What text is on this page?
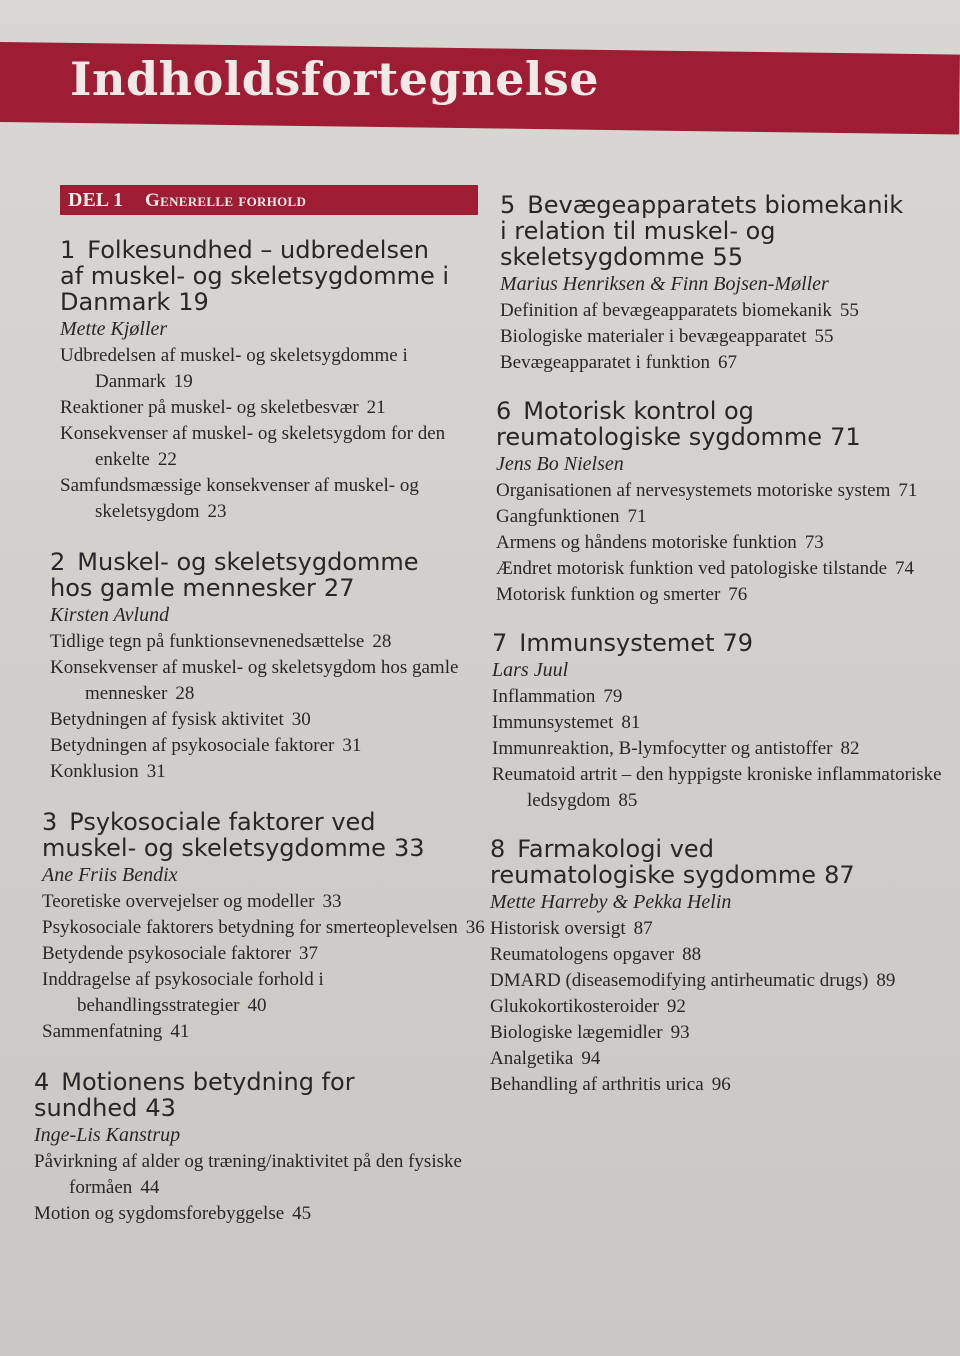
Indholdsfortegnelse
DEL 1 Generelle forhold
1 Folkesundhed – udbredelsen af muskel- og skeletsygdomme i Danmark 19
Mette Kjøller
Udbredelsen af muskel- og skeletsygdomme i Danmark 19
Reaktioner på muskel- og skeletbesvær 21
Konsekvenser af muskel- og skeletsygdom for den enkelte 22
Samfundsmæssige konsekvenser af muskel- og skeletsygdom 23
2 Muskel- og skeletsygdomme hos gamle mennesker 27
Kirsten Avlund
Tidlige tegn på funktionsevnenedsættelse 28
Konsekvenser af muskel- og skeletsygdom hos gamle mennesker 28
Betydningen af fysisk aktivitet 30
Betydningen af psykosociale faktorer 31
Konklusion 31
3 Psykosociale faktorer ved muskel- og skeletsygdomme 33
Ane Friis Bendix
Teoretiske overvejelser og modeller 33
Psykosociale faktorers betydning for smerteoplevelsen 36
Betydende psykosociale faktorer 37
Inddragelse af psykosociale forhold i behandlingsstrategier 40
Sammenfatning 41
4 Motionens betydning for sundhed 43
Inge-Lis Kanstrup
Påvirkning af alder og træning/inaktivitet på den fysiske formåen 44
Motion og sygdomsforebyggelse 45
5 Bevægeapparatets biomekanik i relation til muskel- og skeletsygdomme 55
Marius Henriksen & Finn Bojsen-Møller
Definition af bevægeapparatets biomekanik 55
Biologiske materialer i bevægeapparatet 55
Bevægeapparatet i funktion 67
6 Motorisk kontrol og reumatologiske sygdomme 71
Jens Bo Nielsen
Organisationen af nervesystemets motoriske system 71
Gangfunktionen 71
Armens og håndens motoriske funktion 73
Ændret motorisk funktion ved patologiske tilstande 74
Motorisk funktion og smerter 76
7 Immunsystemet 79
Lars Juul
Inflammation 79
Immunsystemet 81
Immunreaktion, B-lymfocytter og antistoffer 82
Reumatoid artrit – den hyppigste kroniske inflammatoriske ledsygdom 85
8 Farmakologi ved reumatologiske sygdomme 87
Mette Harreby & Pekka Helin
Historisk oversigt 87
Reumatologens opgaver 88
DMARD (diseasemodifying antirheumatic drugs) 89
Glukokortikosteroider 92
Biologiske lægemidler 93
Analgetika 94
Behandling af arthritis urica 96
